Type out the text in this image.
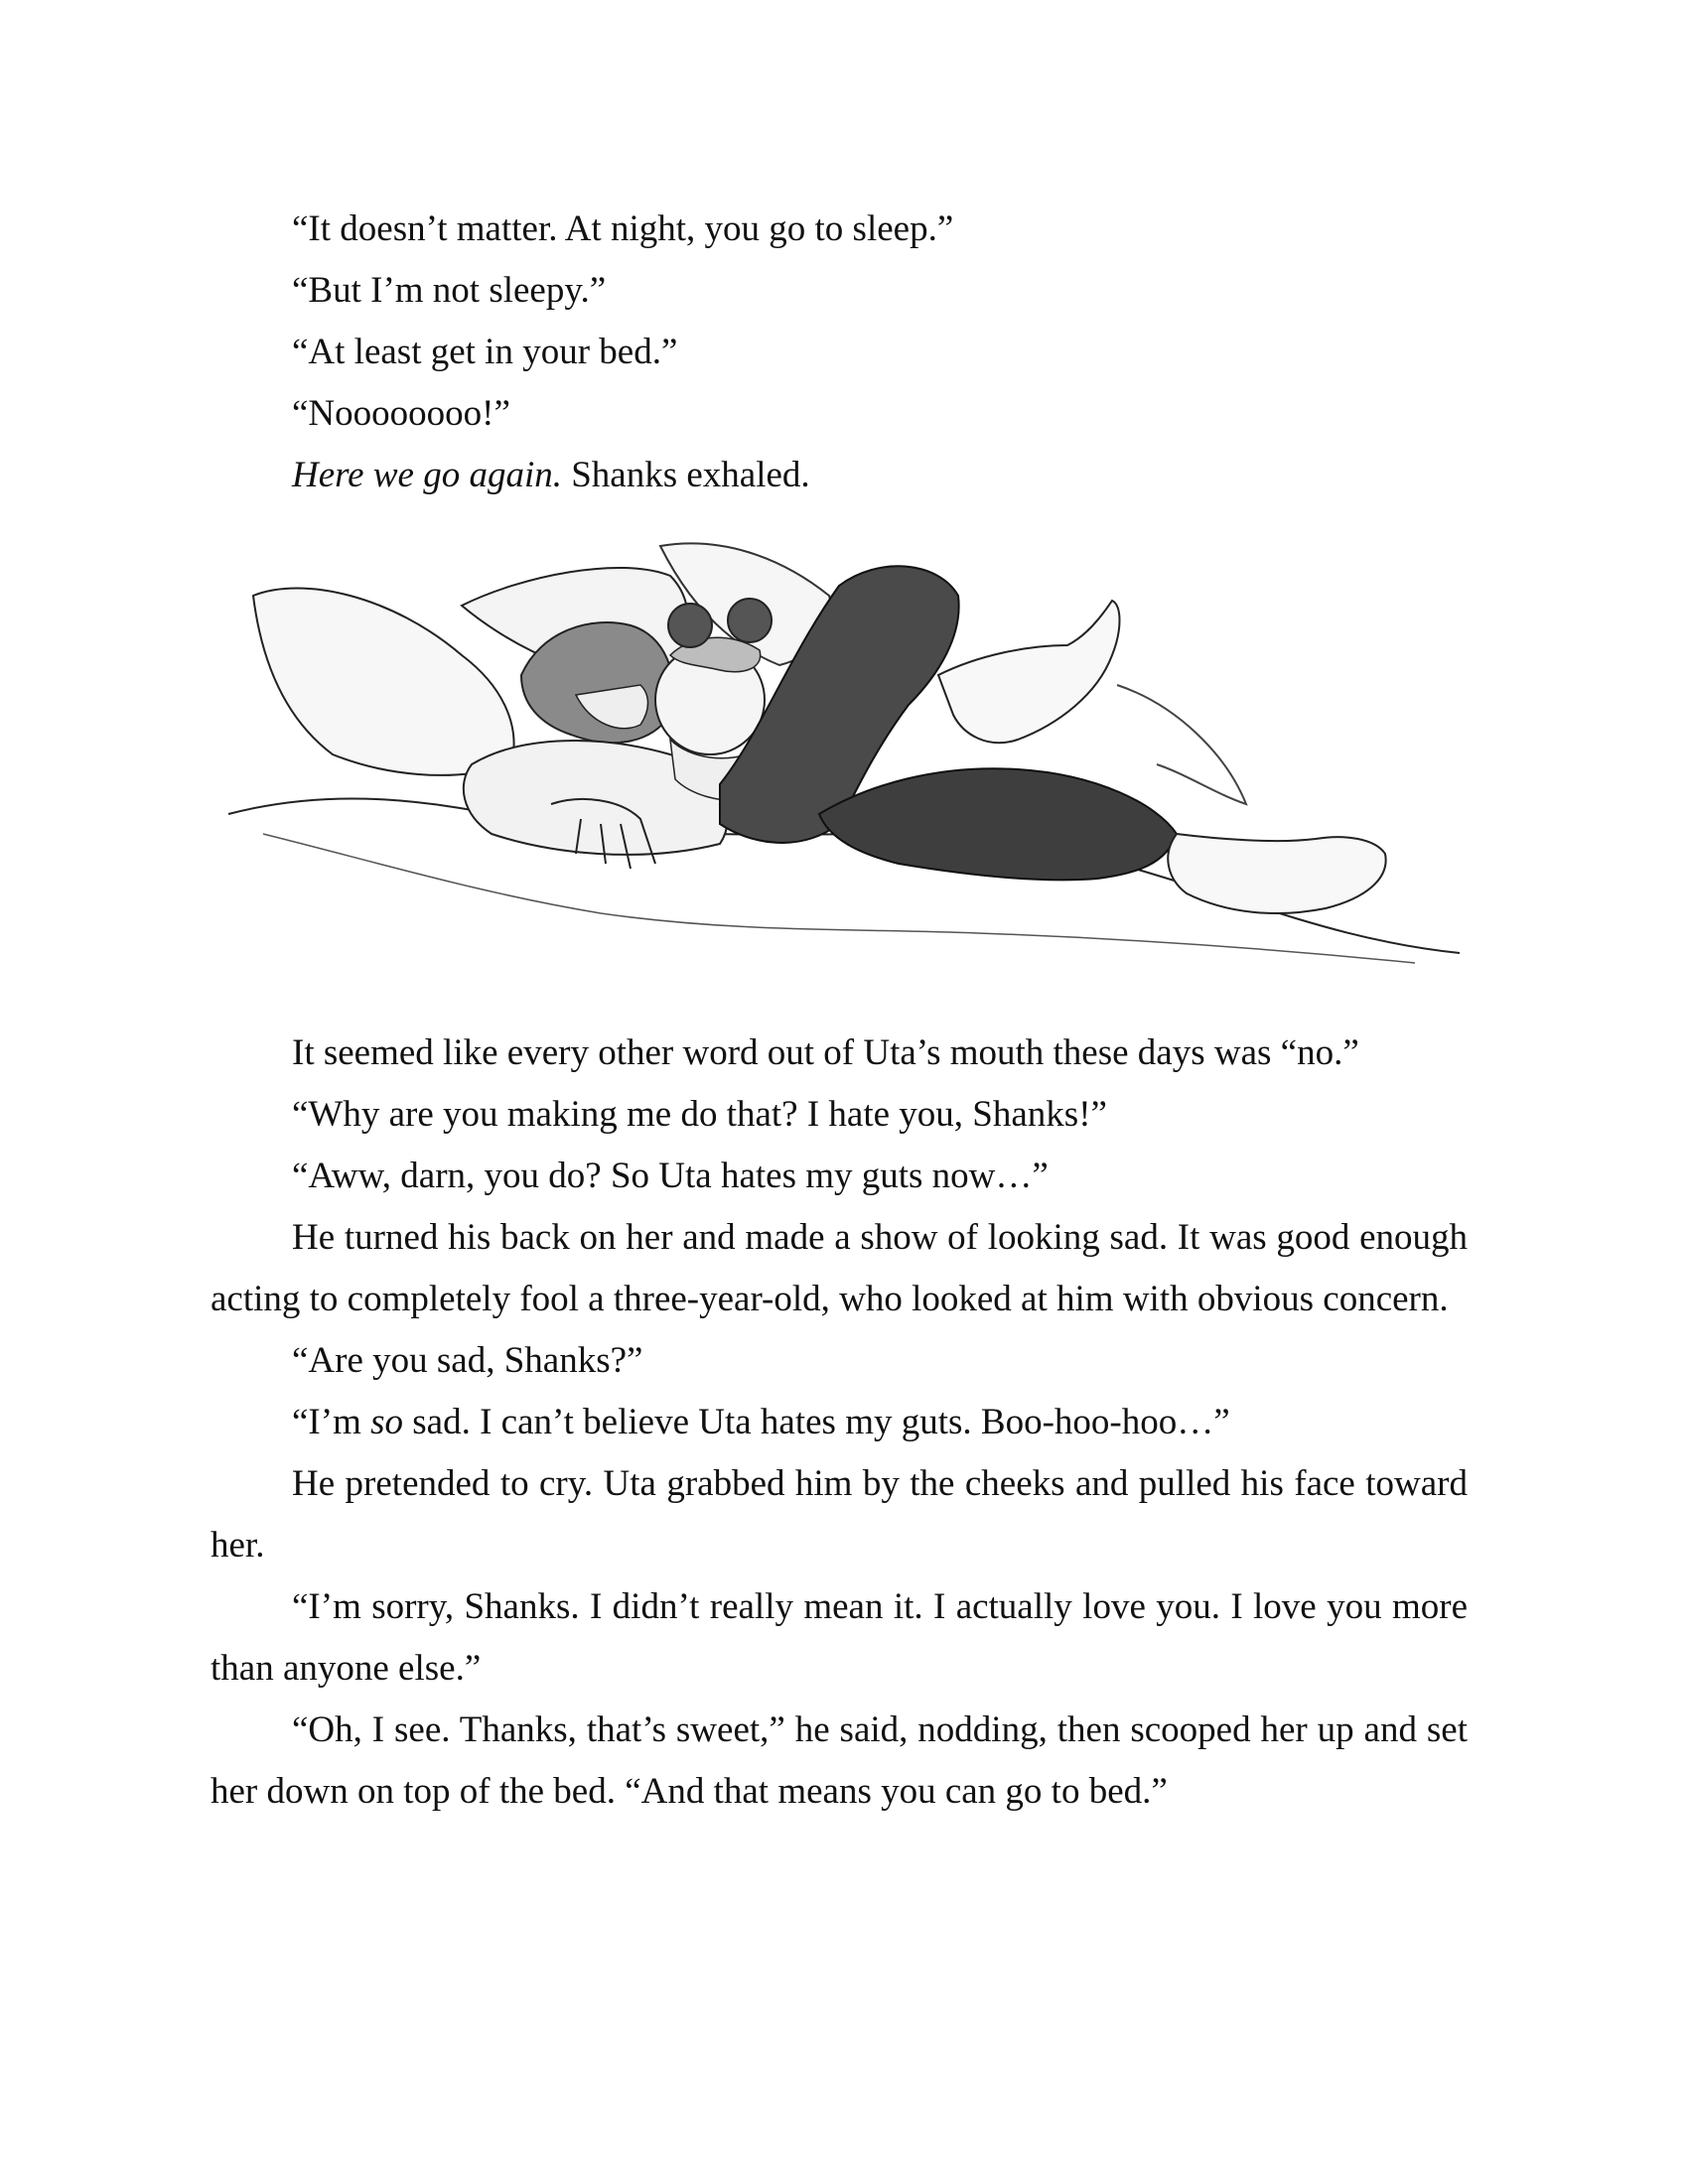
“It doesn’t matter. At night, you go to sleep.”

“But I’m not sleepy.”

“At least get in your bed.”

“Noooooooo!”

Here we go again. Shanks exhaled.

It seemed like every other word out of Uta’s mouth these days was “no.”

“Why are you making me do that? I hate you, Shanks!”

“Aww, darn, you do? So Uta hates my guts now…”

He turned his back on her and made a show of looking sad. It was good enough acting to completely fool a three-year-old, who looked at him with obvious concern.

“Are you sad, Shanks?”

“I’m so sad. I can’t believe Uta hates my guts. Boo-hoo-hoo…”

He pretended to cry. Uta grabbed him by the cheeks and pulled his face toward her.

“I’m sorry, Shanks. I didn’t really mean it. I actually love you. I love you more than anyone else.”

“Oh, I see. Thanks, that’s sweet,” he said, nodding, then scooped her up and set her down on top of the bed. “And that means you can go to bed.”
